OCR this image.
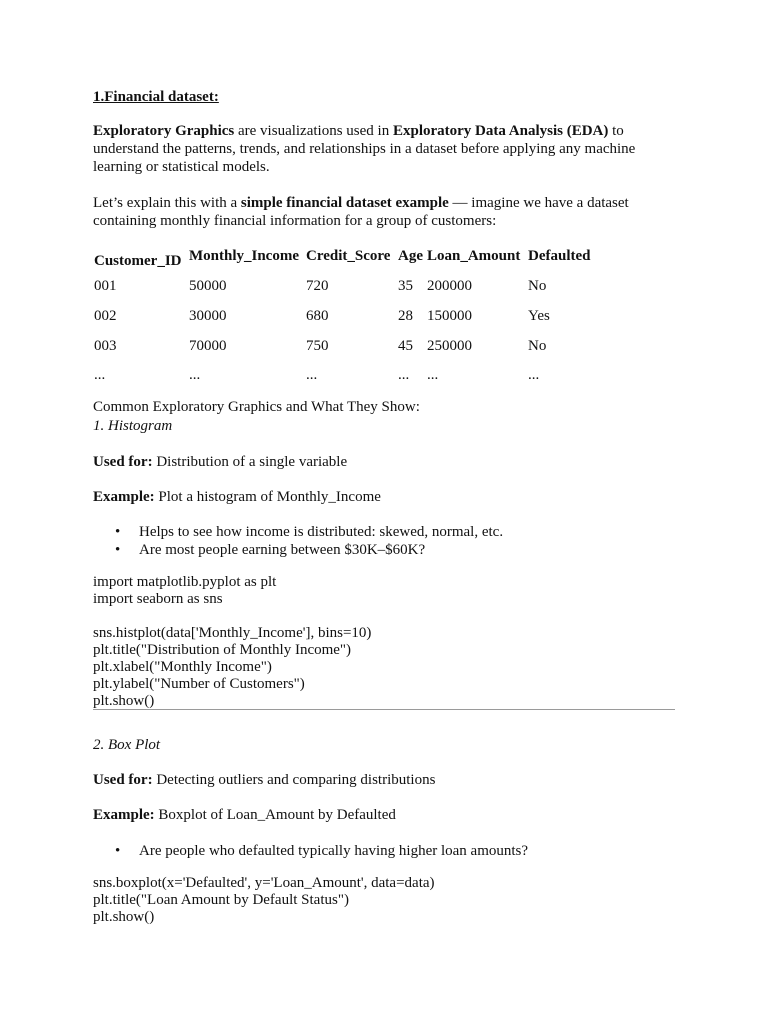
1.Financial dataset:

Exploratory Graphics are visualizations used in Exploratory Data Analysis (EDA) to understand the patterns, trends, and relationships in a dataset before applying any machine learning or statistical models.

Let’s explain this with a simple financial dataset example — imagine we have a dataset containing monthly financial information for a group of customers:

Customer_ID Monthly_Income Credit_Score Age Loan_Amount Defaulted
001	50000	720	35 200000	No
002	30000	680	28 150000	Yes
003	70000	750	45 250000	No
...	...	...	... ...	...
Common Exploratory Graphics and What They Show:
1. Histogram
Used for: Distribution of a single variable
Example: Plot a histogram of Monthly_Income
• Helps to see how income is distributed: skewed, normal, etc.
• Are most people earning between $30K–$60K?
import matplotlib.pyplot as plt
import seaborn as sns
sns.histplot(data['Monthly_Income'], bins=10)
plt.title("Distribution of Monthly Income")
plt.xlabel("Monthly Income")
plt.ylabel("Number of Customers")
plt.show()
2. Box Plot
Used for: Detecting outliers and comparing distributions
Example: Boxplot of Loan_Amount by Defaulted
• Are people who defaulted typically having higher loan amounts?
sns.boxplot(x='Defaulted', y='Loan_Amount', data=data)
plt.title("Loan Amount by Default Status")
plt.show()
